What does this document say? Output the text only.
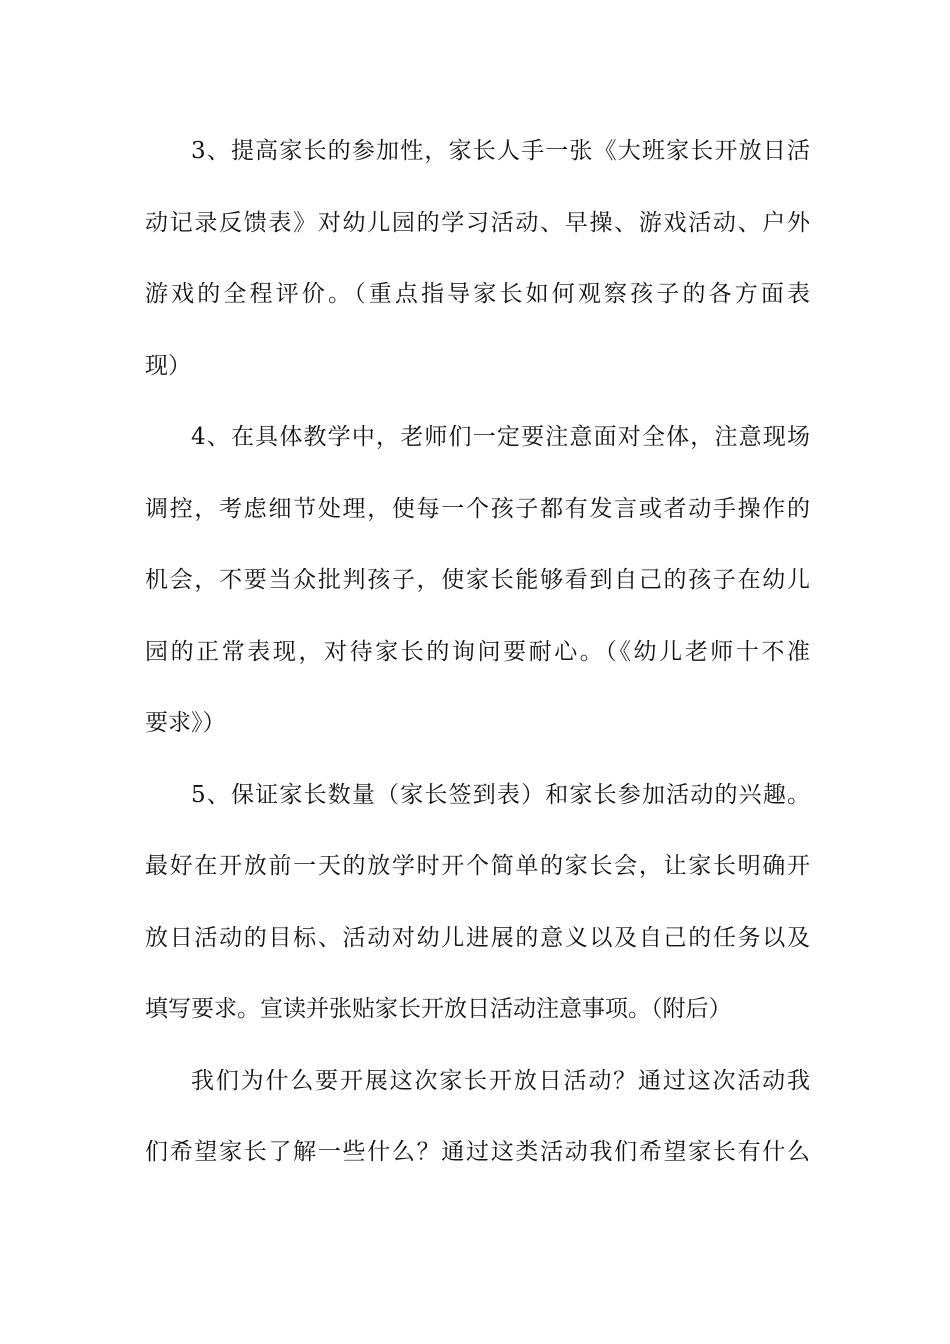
3、提高家长的参加性，家长人手一张《大班家长开放日活
动记录反馈表》对幼儿园的学习活动、早操、游戏活动、户外
游戏的全程评价。（重点指导家长如何观察孩子的各方面表
现）
4、在具体教学中，老师们一定要注意面对全体，注意现场
调控，考虑细节处理，使每一个孩子都有发言或者动手操作的
机会，不要当众批判孩子，使家长能够看到自己的孩子在幼儿
园的正常表现，对待家长的询问要耐心。（《幼儿老师十不准
要求》）
5、保证家长数量（家长签到表）和家长参加活动的兴趣。
最好在开放前一天的放学时开个简单的家长会，让家长明确开
放日活动的目标、活动对幼儿进展的意义以及自己的任务以及
填写要求。宣读并张贴家长开放日活动注意事项。（附后）
我们为什么要开展这次家长开放日活动？通过这次活动我
们希望家长了解一些什么？通过这类活动我们希望家长有什么
